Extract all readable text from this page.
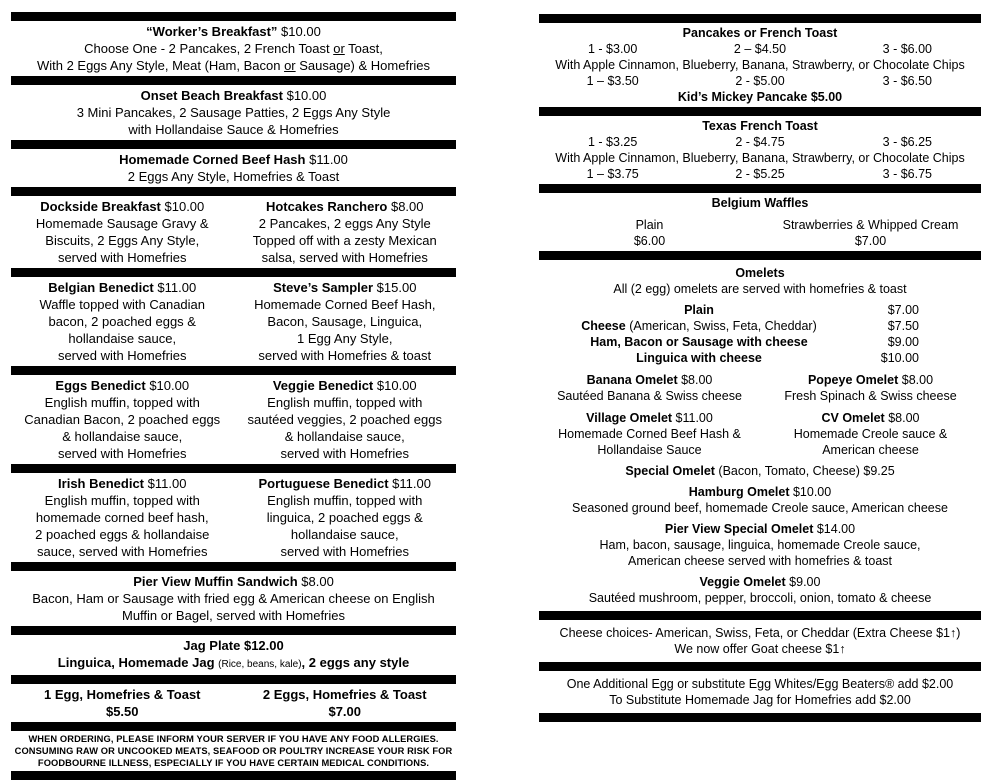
“Worker’s Breakfast” $10.00
Choose One - 2 Pancakes, 2 French Toast or Toast,
With 2 Eggs Any Style, Meat (Ham, Bacon or Sausage) & Homefries
Onset Beach Breakfast $10.00
3 Mini Pancakes, 2 Sausage Patties, 2 Eggs Any Style
with Hollandaise Sauce & Homefries
Homemade Corned Beef Hash $11.00
2 Eggs Any Style, Homefries & Toast
Dockside Breakfast $10.00
Homemade Sausage Gravy &
Biscuits, 2 Eggs Any Style,
served with Homefries
Hotcakes Ranchero $8.00
2 Pancakes, 2 eggs Any Style
Topped off with a zesty Mexican
salsa, served with Homefries
Belgian Benedict $11.00
Waffle topped with Canadian
bacon, 2 poached eggs &
hollandaise sauce,
served with Homefries
Steve’s Sampler $15.00
Homemade Corned Beef Hash,
Bacon, Sausage, Linguica,
1 Egg Any Style,
served with Homefries & toast
Eggs Benedict $10.00
English muffin, topped with
Canadian Bacon, 2 poached eggs
& hollandaise sauce,
served with Homefries
Veggie Benedict $10.00
English muffin, topped with
sautéed veggies, 2 poached eggs
& hollandaise sauce,
served with Homefries
Irish Benedict $11.00
English muffin, topped with
homemade corned beef hash,
2 poached eggs & hollandaise
sauce, served with Homefries
Portuguese Benedict $11.00
English muffin, topped with
linguica, 2 poached eggs &
hollandaise sauce,
served with Homefries
Pier View Muffin Sandwich $8.00
Bacon, Ham or Sausage with fried egg & American cheese on English
Muffin or Bagel, served with Homefries
Jag Plate $12.00
Linguica, Homemade Jag (Rice, beans, kale), 2 eggs any style
1 Egg, Homefries & Toast
$5.50
2 Eggs, Homefries & Toast
$7.00
WHEN ORDERING, PLEASE INFORM YOUR SERVER IF YOU HAVE ANY FOOD ALLERGIES.
CONSUMING RAW OR UNCOOKED MEATS, SEAFOOD OR POULTRY INCREASE YOUR RISK FOR
FOODBOURNE ILLNESS, ESPECIALLY IF YOU HAVE CERTAIN MEDICAL CONDITIONS.
Pancakes or French Toast
1 - $3.00	2 – $4.50	3 - $6.00
With Apple Cinnamon, Blueberry, Banana, Strawberry, or Chocolate Chips
1 – $3.50	2 - $5.00	3 - $6.50
Kid’s Mickey Pancake $5.00
Texas French Toast
1 - $3.25	2 - $4.75	3 - $6.25
With Apple Cinnamon, Blueberry, Banana, Strawberry, or Chocolate Chips
1 – $3.75	2 - $5.25	3 - $6.75
Belgium Waffles
Plain
$6.00
Strawberries & Whipped Cream
$7.00
Omelets
All (2 egg) omelets are served with homefries & toast
Plain	$7.00
Cheese (American, Swiss, Feta, Cheddar)	$7.50
Ham, Bacon or Sausage with cheese	$9.00
Linguica with cheese	$10.00
Banana Omelet $8.00
Sautéed Banana & Swiss cheese
Popeye Omelet $8.00
Fresh Spinach & Swiss cheese
Village Omelet $11.00
Homemade Corned Beef Hash &
Hollandaise Sauce
CV Omelet $8.00
Homemade Creole sauce &
American cheese
Special Omelet (Bacon, Tomato, Cheese) $9.25
Hamburg Omelet $10.00
Seasoned ground beef, homemade Creole sauce, American cheese
Pier View Special Omelet $14.00
Ham, bacon, sausage, linguica, homemade Creole sauce,
American cheese served with homefries & toast
Veggie Omelet $9.00
Sautéed mushroom, pepper, broccoli, onion, tomato & cheese
Cheese choices- American, Swiss, Feta, or Cheddar (Extra Cheese $1↑)
We now offer Goat cheese $1↑
One Additional Egg or substitute Egg Whites/Egg Beaters® add $2.00
To Substitute Homemade Jag for Homefries add $2.00
